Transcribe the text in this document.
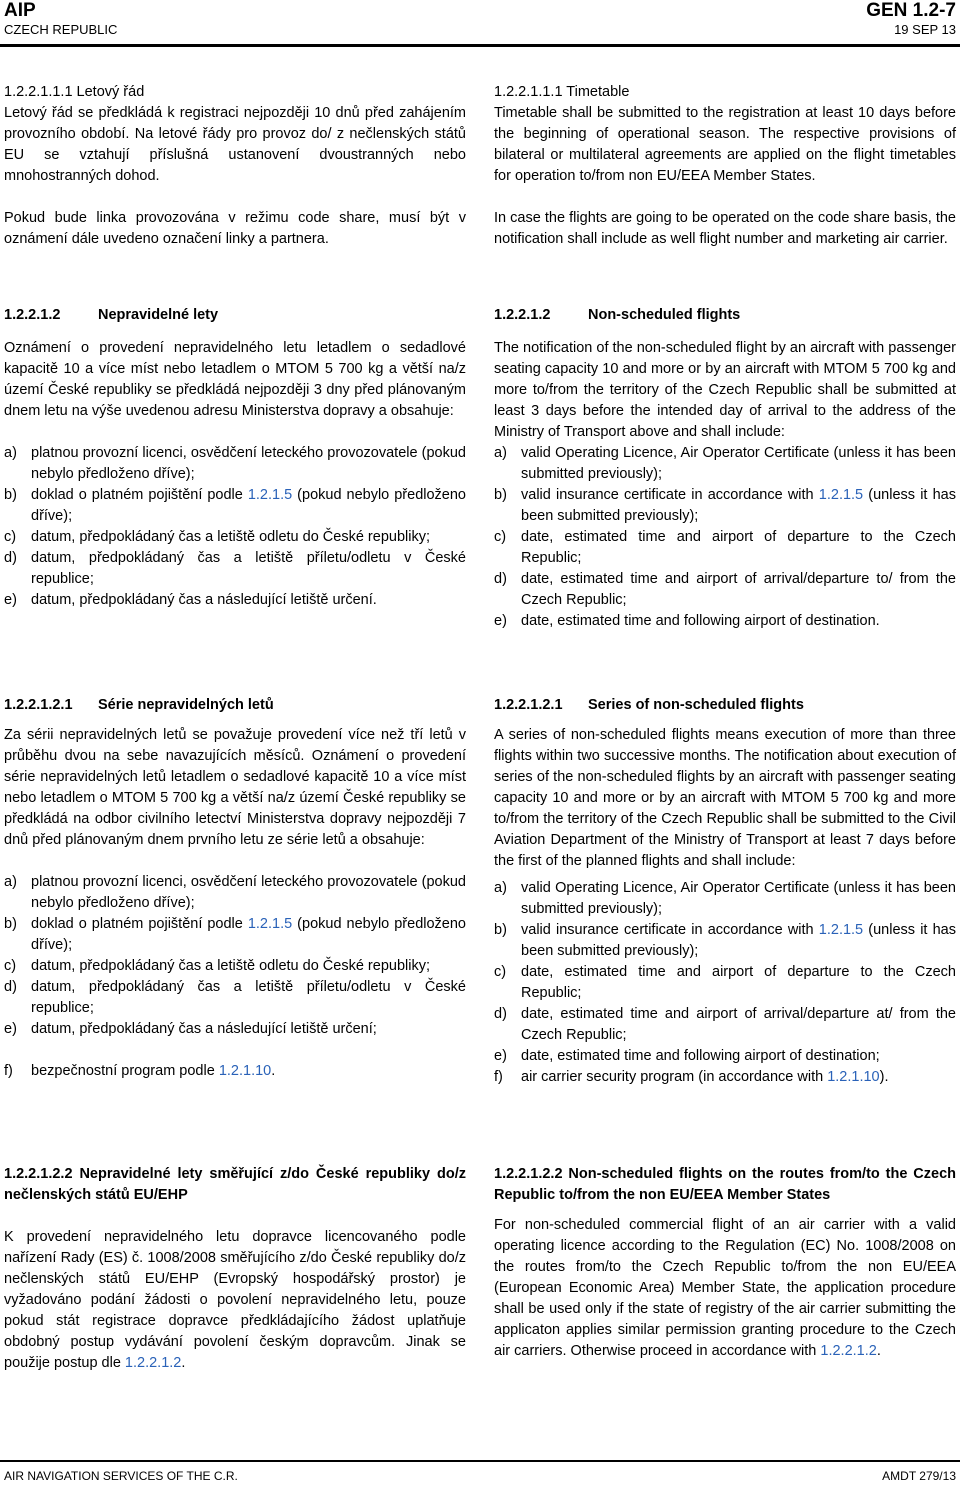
AIP
CZECH REPUBLIC
GEN 1.2-7
19 SEP 13
1.2.2.1.1.1 Letový řád

Letový řád se předkládá k registraci nejpozději 10 dnů před zahájením provozního období. Na letové řády pro provoz do/ z nečlenských států EU se vztahují příslušná ustanovení dvoustranných nebo mnohostranných dohod.

Pokud bude linka provozována v režimu code share, musí být v oznámení dále uvedeno označení linky a partnera.

1.2.2.1.2	Nepravidelné lety

Oznámení o provedení nepravidelného letu letadlem o sedadlové kapacitě 10 a více míst nebo letadlem o MTOM 5 700 kg a větší na/z území České republiky se předkládá nejpozději 3 dny před plánovaným dnem letu na výše uvedenou adresu Ministerstva dopravy a obsahuje:

a) platnou provozní licenci, osvědčení leteckého provozovatele (pokud nebylo předloženo dříve);
b) doklad o platném pojištění podle 1.2.1.5 (pokud nebylo předloženo dříve);
c)	datum, předpokládaný čas a letiště odletu do České republiky;
d) datum, předpokládaný čas a letiště příletu/odletu v České republice;
e) datum, předpokládaný čas a následující letiště určení.
1.2.2.1.2.1	Série nepravidelných letů

Za sérii nepravidelných letů se považuje provedení více než tří letů v průběhu dvou na sebe navazujících měsíců. Oznámení o provedení série nepravidelných letů letadlem o sedadlové kapacitě 10 a více míst nebo letadlem o MTOM 5 700 kg a větší na/z území České republiky se předkládá na odbor civilního letectví Ministerstva dopravy nejpozději 7 dnů před plánovaným dnem prvního letu ze série letů a obsahuje:

a) platnou provozní licenci, osvědčení leteckého provozovatele (pokud nebylo předloženo dříve);
b) doklad o platném pojištění podle 1.2.1.5 (pokud nebylo předloženo dříve);
c)	datum, předpokládaný čas a letiště odletu do České republiky;
d) datum, předpokládaný čas a letiště příletu/odletu v České republice;
e) datum, předpokládaný čas a následující letiště určení;
f)	bezpečnostní program podle 1.2.1.10.

1.2.2.1.2.2 Nepravidelné lety směřující z/do České republiky do/z nečlenských států EU/EHP

K provedení nepravidelného letu dopravce licencovaného podle nařízení Rady (ES) č. 1008/2008 směřujícího z/do České republiky do/z nečlenských států EU/EHP (Evropský hospodářský prostor) je vyžadováno podání žádosti o povolení nepravidelného letu, pouze pokud stát registrace dopravce předkládajícího žádost uplatňuje obdobný postup vydávání povolení českým dopravcům. Jinak se použije postup dle 1.2.2.1.2.

1.2.2.1.1.1 Timetable

Timetable shall be submitted to the registration at least 10 days before the beginning of operational season. The respective provisions of bilateral or multilateral agreements are applied on the flight timetables for operation to/from non EU/EEA Member States.

In case the flights are going to be operated on the code share basis, the notification shall include as well flight number and marketing air carrier.

1.2.2.1.2	Non-scheduled flights

The notification of the non-scheduled flight by an aircraft with passenger seating capacity 10 and more or by an aircraft with MTOM 5 700 kg and more to/from the territory of the Czech Republic shall be submitted at least 3 days before the intended day of arrival to the address of the Ministry of Transport above and shall include:

a) valid Operating Licence, Air Operator Certificate (unless it has been submitted previously);
b) valid insurance certificate in accordance with 1.2.1.5 (unless it has been submitted previously);
c)	date, estimated time and airport of departure to the Czech Republic;
d) date, estimated time and airport of arrival/departure to/ from the Czech Republic;
e) date, estimated time and following airport of destination.
1.2.2.1.2.1	Series of non-scheduled flights

A series of non-scheduled flights means execution of more than three flights within two successive months. The notification about execution of series of the non-scheduled flights by an aircraft with passenger seating capacity 10 and more or by an aircraft with MTOM 5 700 kg and more to/from the territory of the Czech Republic shall be submitted to the Civil Aviation Department of the Ministry of Transport at least 7 days before the first of the planned flights and shall include:

a) valid Operating Licence, Air Operator Certificate (unless it has been submitted previously);
b) valid insurance certificate in accordance with 1.2.1.5 (unless it has been submitted previously);
c)	date, estimated time and airport of departure to the Czech Republic;
d) date, estimated time and airport of arrival/departure at/ from the Czech Republic;
e) date, estimated time and following airport of destination;
f)	air carrier security program (in accordance with 1.2.1.10).

1.2.2.1.2.2 Non-scheduled flights on the routes from/to the Czech Republic to/from the non EU/EEA Member States

For non-scheduled commercial flight of an air carrier with a valid operating licence according to the Regulation (EC) No. 1008/2008 on the routes from/to the Czech Republic to/from the non EU/EEA (European Economic Area) Member State, the application procedure shall be used only if the state of registry of the air carrier submitting the applicaton applies similar permission granting procedure to the Czech air carriers. Otherwise proceed in accordance with 1.2.2.1.2.

AIR NAVIGATION SERVICES OF THE C.R.	AMDT 279/13
